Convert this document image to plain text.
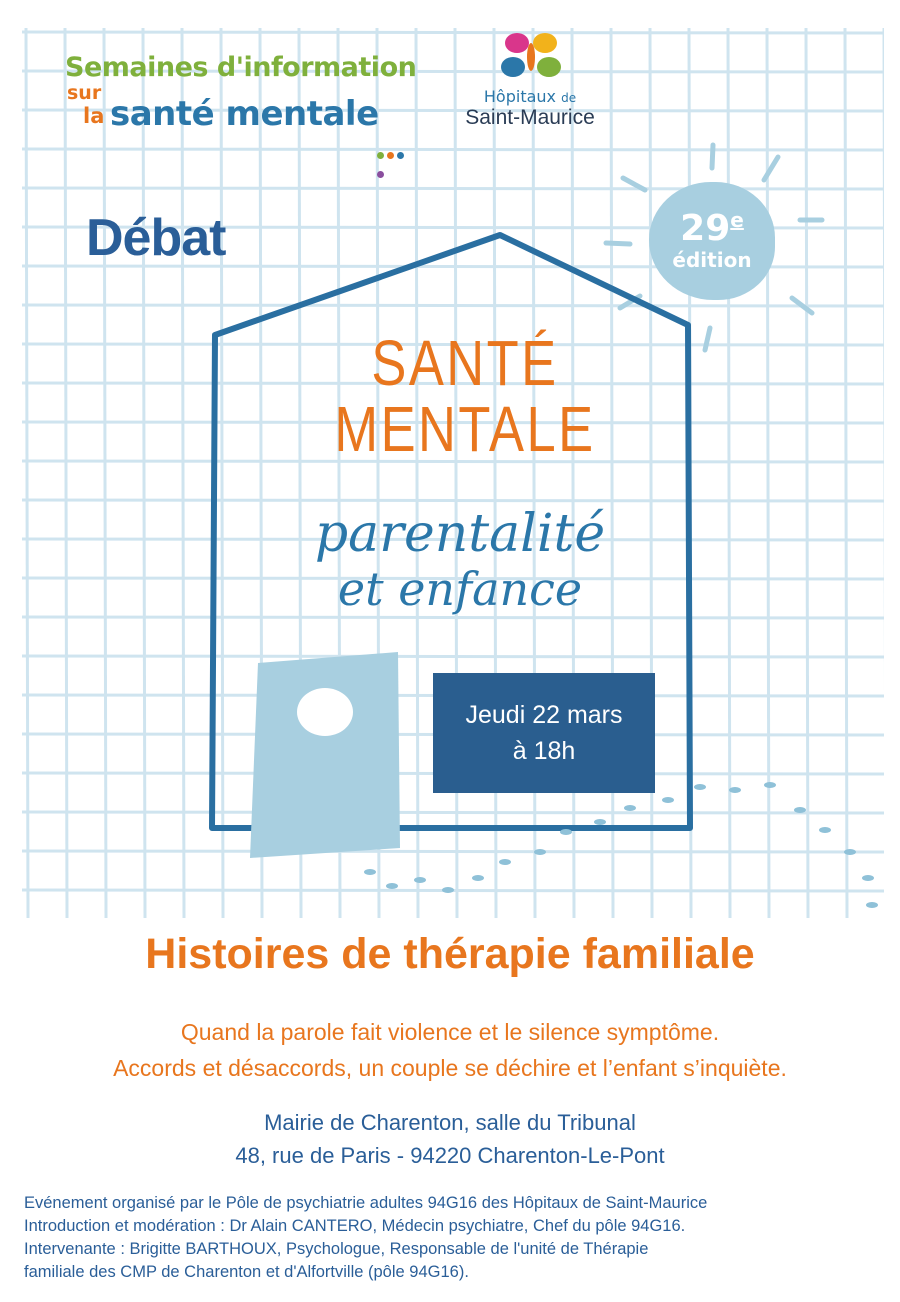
Semaines d'information
sur
la santé mentale	Hôpitaux de
Saint-Maurice
Débat	29e
édition
SANTÉ
MENTALE
parentalité
et enfance
Jeudi 22 mars
à 18h
Histoires de thérapie familiale
Quand la parole fait violence et le silence symptôme.
Accords et désaccords, un couple se déchire et l’enfant s’inquiète.
Mairie de Charenton, salle du Tribunal
48, rue de Paris - 94220 Charenton-Le-Pont
Evénement organisé par le Pôle de psychiatrie adultes 94G16 des Hôpitaux de Saint-Maurice
Introduction et modération : Dr Alain CANTERO, Médecin psychiatre, Chef du pôle 94G16.
Intervenante : Brigitte BARTHOUX, Psychologue, Responsable de l'unité de Thérapie
familiale des CMP de Charenton et d'Alfortville (pôle 94G16).
